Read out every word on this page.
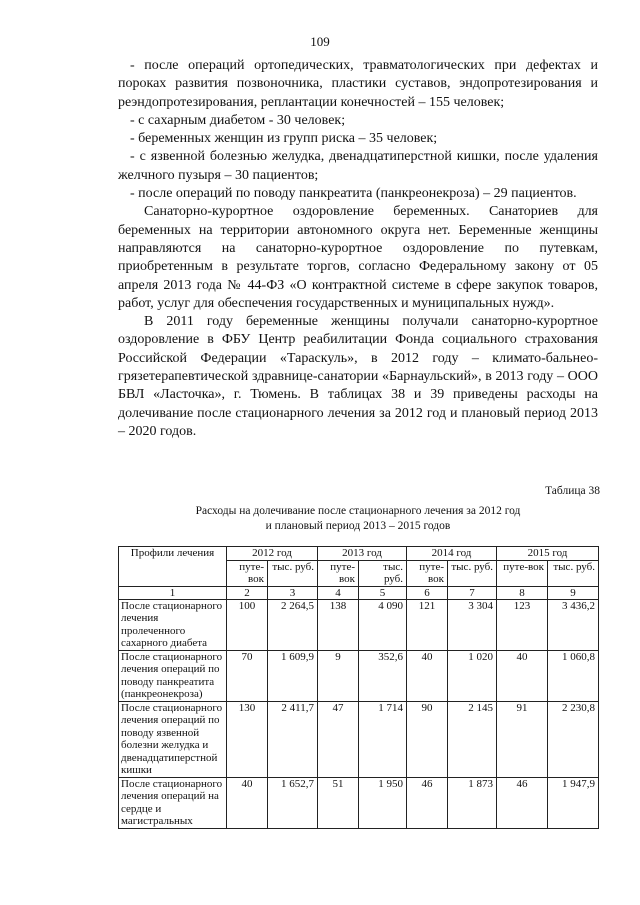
109

- после операций ортопедических, травматологических при дефектах и пороках развития позвоночника, пластики суставов, эндопротезирования и реэндопротезирования, реплантации конечностей – 155 человек;

- с сахарным диабетом - 30 человек;

- беременных женщин из групп риска – 35 человек;

- с язвенной болезнью желудка, двенадцатиперстной кишки, после удаления желчного пузыря – 30 пациентов;

- после операций по поводу панкреатита (панкреонекроза) – 29 пациентов.

Санаторно-курортное оздоровление беременных. Санаториев для беременных на территории автономного округа нет. Беременные женщины направляются на санаторно-курортное оздоровление по путевкам, приобретенным в результате торгов, согласно Федеральному закону от 05 апреля 2013 года № 44-ФЗ «О контрактной системе в сфере закупок товаров, работ, услуг для обеспечения государственных и муниципальных нужд».

В 2011 году беременные женщины получали санаторно-курортное оздоровление в ФБУ Центр реабилитации Фонда социального страхования Российской Федерации «Тараскуль», в 2012 году – климато-бальнео-грязетерапевтической здравнице-санатории «Барнаульский», в 2013 году – ООО БВЛ «Ласточка», г. Тюмень. В таблицах 38 и 39 приведены расходы на долечивание после стационарного лечения за 2012 год и плановый период 2013 – 2020 годов.

Таблица 38
Расходы на долечивание после стационарного лечения за 2012 год
и плановый период 2013 – 2015 годов
Профили лечения	2012 год		2013 год		2014 год		2015 год	
	путе-вок	тыс. руб.	путе-вок	тыс. руб.	путе-вок	тыс. руб.	путе-вок	тыс. руб.
1	2	3	4	5	6	7	8	9
После стационарного лечения пролеченного сахарного диабета	100	2 264,5	138	4 090	121	3 304	123	3 436,2
После стационарного лечения операций по поводу панкреатита (панкреонекроза)	70	1 609,9	9	352,6	40	1 020	40	1 060,8
После стационарного лечения операций по поводу язвенной болезни желудка и двенадцатиперстной кишки	130	2 411,7	47	1 714	90	2 145	91	2 230,8
После стационарного лечения операций на сердце и магистральных	40	1 652,7	51	1 950	46	1 873	46	1 947,9
